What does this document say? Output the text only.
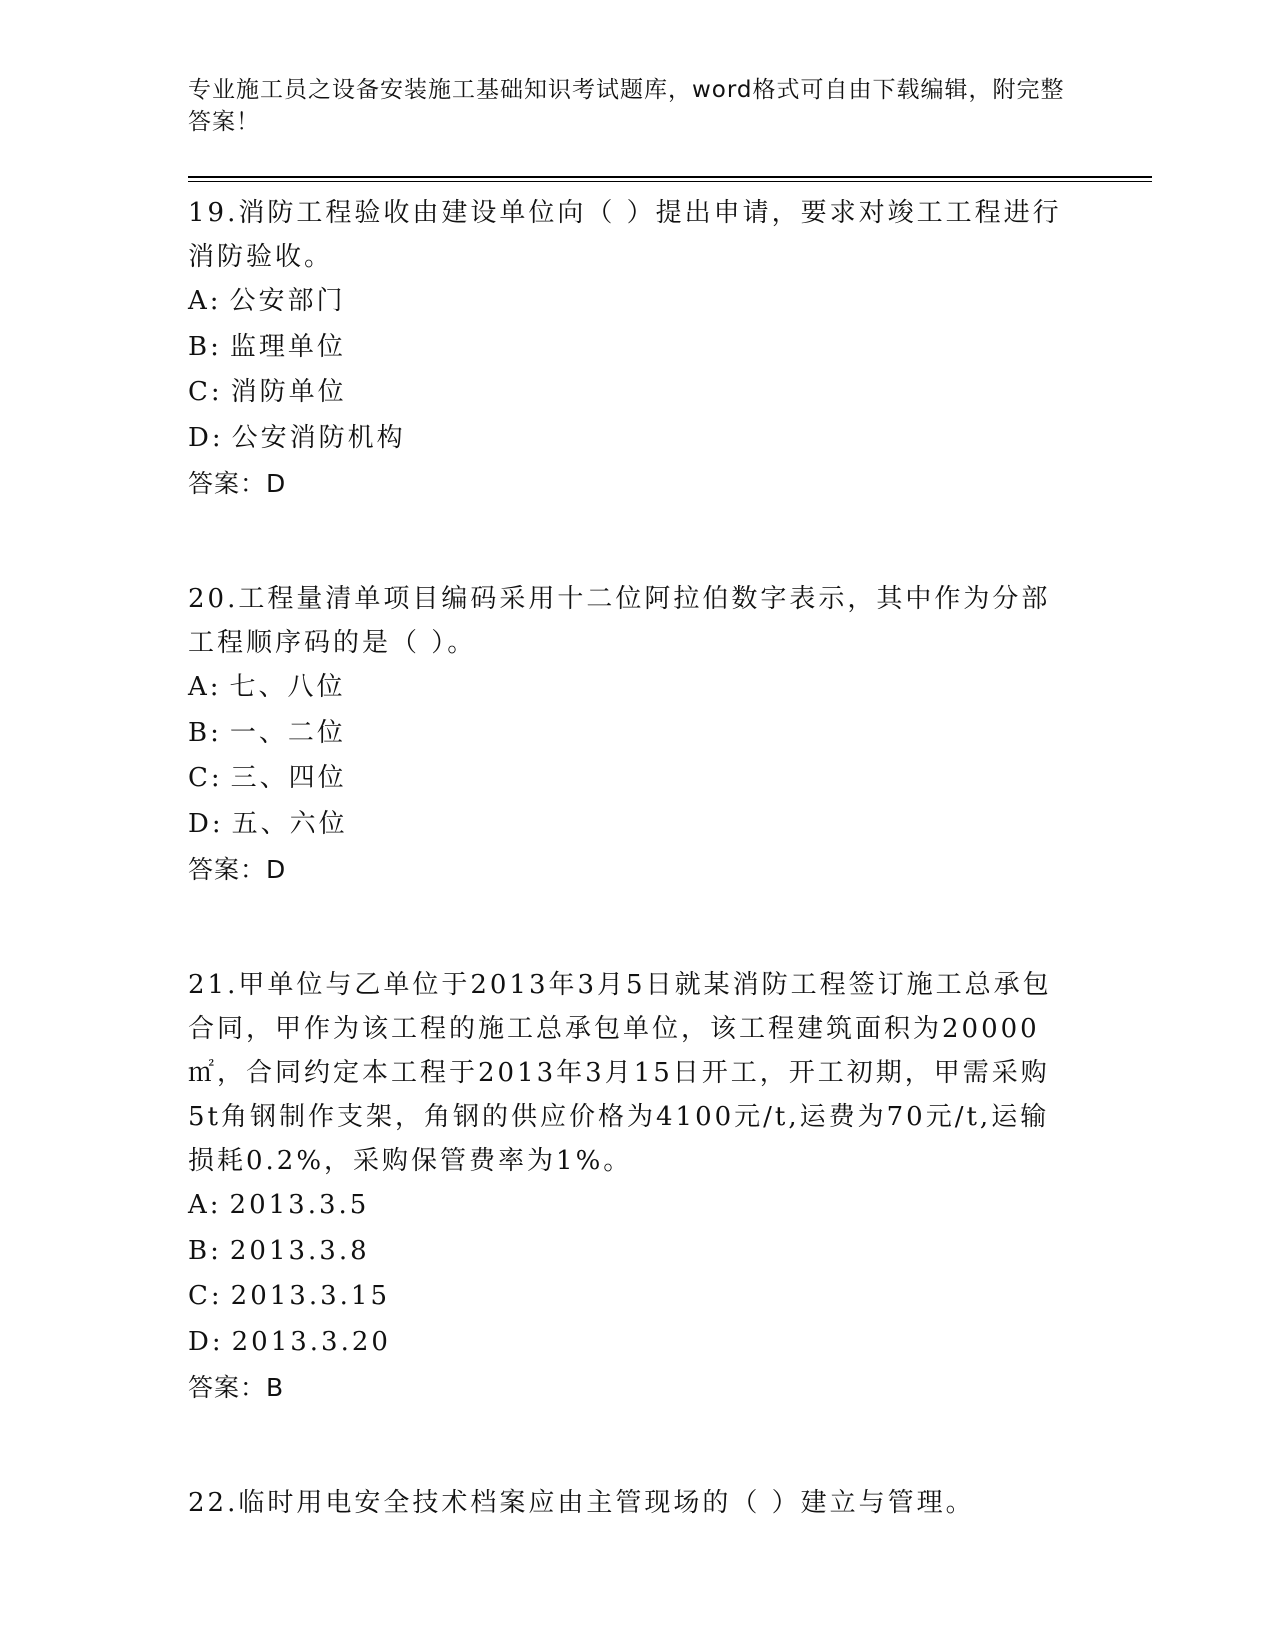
专业施工员之设备安装施工基础知识考试题库，word格式可自由下载编辑，附完整答案！

19.消防工程验收由建设单位向（ ）提出申请，要求对竣工工程进行消防验收。

A: 公安部门
B: 监理单位
C: 消防单位
D: 公安消防机构

答案：D

20.工程量清单项目编码采用十二位阿拉伯数字表示，其中作为分部工程顺序码的是（ ）。

A: 七、八位
B: 一、二位
C: 三、四位
D: 五、六位

答案：D

21.甲单位与乙单位于2013年3月5日就某消防工程签订施工总承包合同，甲作为该工程的施工总承包单位，该工程建筑面积为20000㎡，合同约定本工程于2013年3月15日开工，开工初期，甲需采购5t角钢制作支架，角钢的供应价格为4100元/t,运费为70元/t,运输损耗0.2%，采购保管费率为1%。

A: 2013.3.5
B: 2013.3.8
C: 2013.3.15
D: 2013.3.20

答案：B

22.临时用电安全技术档案应由主管现场的（ ）建立与管理。
